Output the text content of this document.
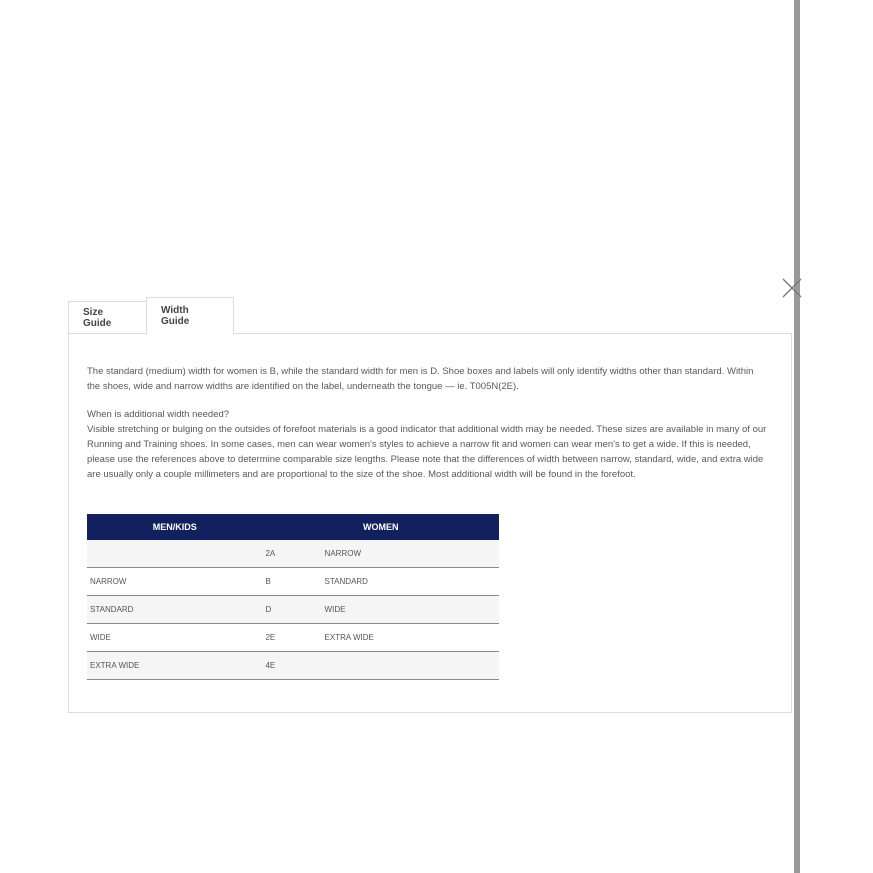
Size Guide
Width Guide

The standard (medium) width for women is B, while the standard width for men is D. Shoe boxes and labels will only identify widths other than standard. Within the shoes, wide and narrow widths are identified on the label, underneath the tongue — ie. T005N(2E).

When is additional width needed?

Visible stretching or bulging on the outsides of forefoot materials is a good indicator that additional width may be needed. These sizes are available in many of our Running and Training shoes. In some cases, men can wear women's styles to achieve a narrow fit and women can wear men's to get a wide. If this is needed, please use the references above to determine comparable size lengths. Please note that the differences of width between narrow, standard, wide, and extra wide are usually only a couple millimeters and are proportional to the size of the shoe. Most additional width will be found in the forefoot.

MEN/KIDS	WOMEN	
	2A	NARROW
NARROW	B	STANDARD
STANDARD	D	WIDE
WIDE	2E	EXTRA WIDE
EXTRA WIDE	4E	
